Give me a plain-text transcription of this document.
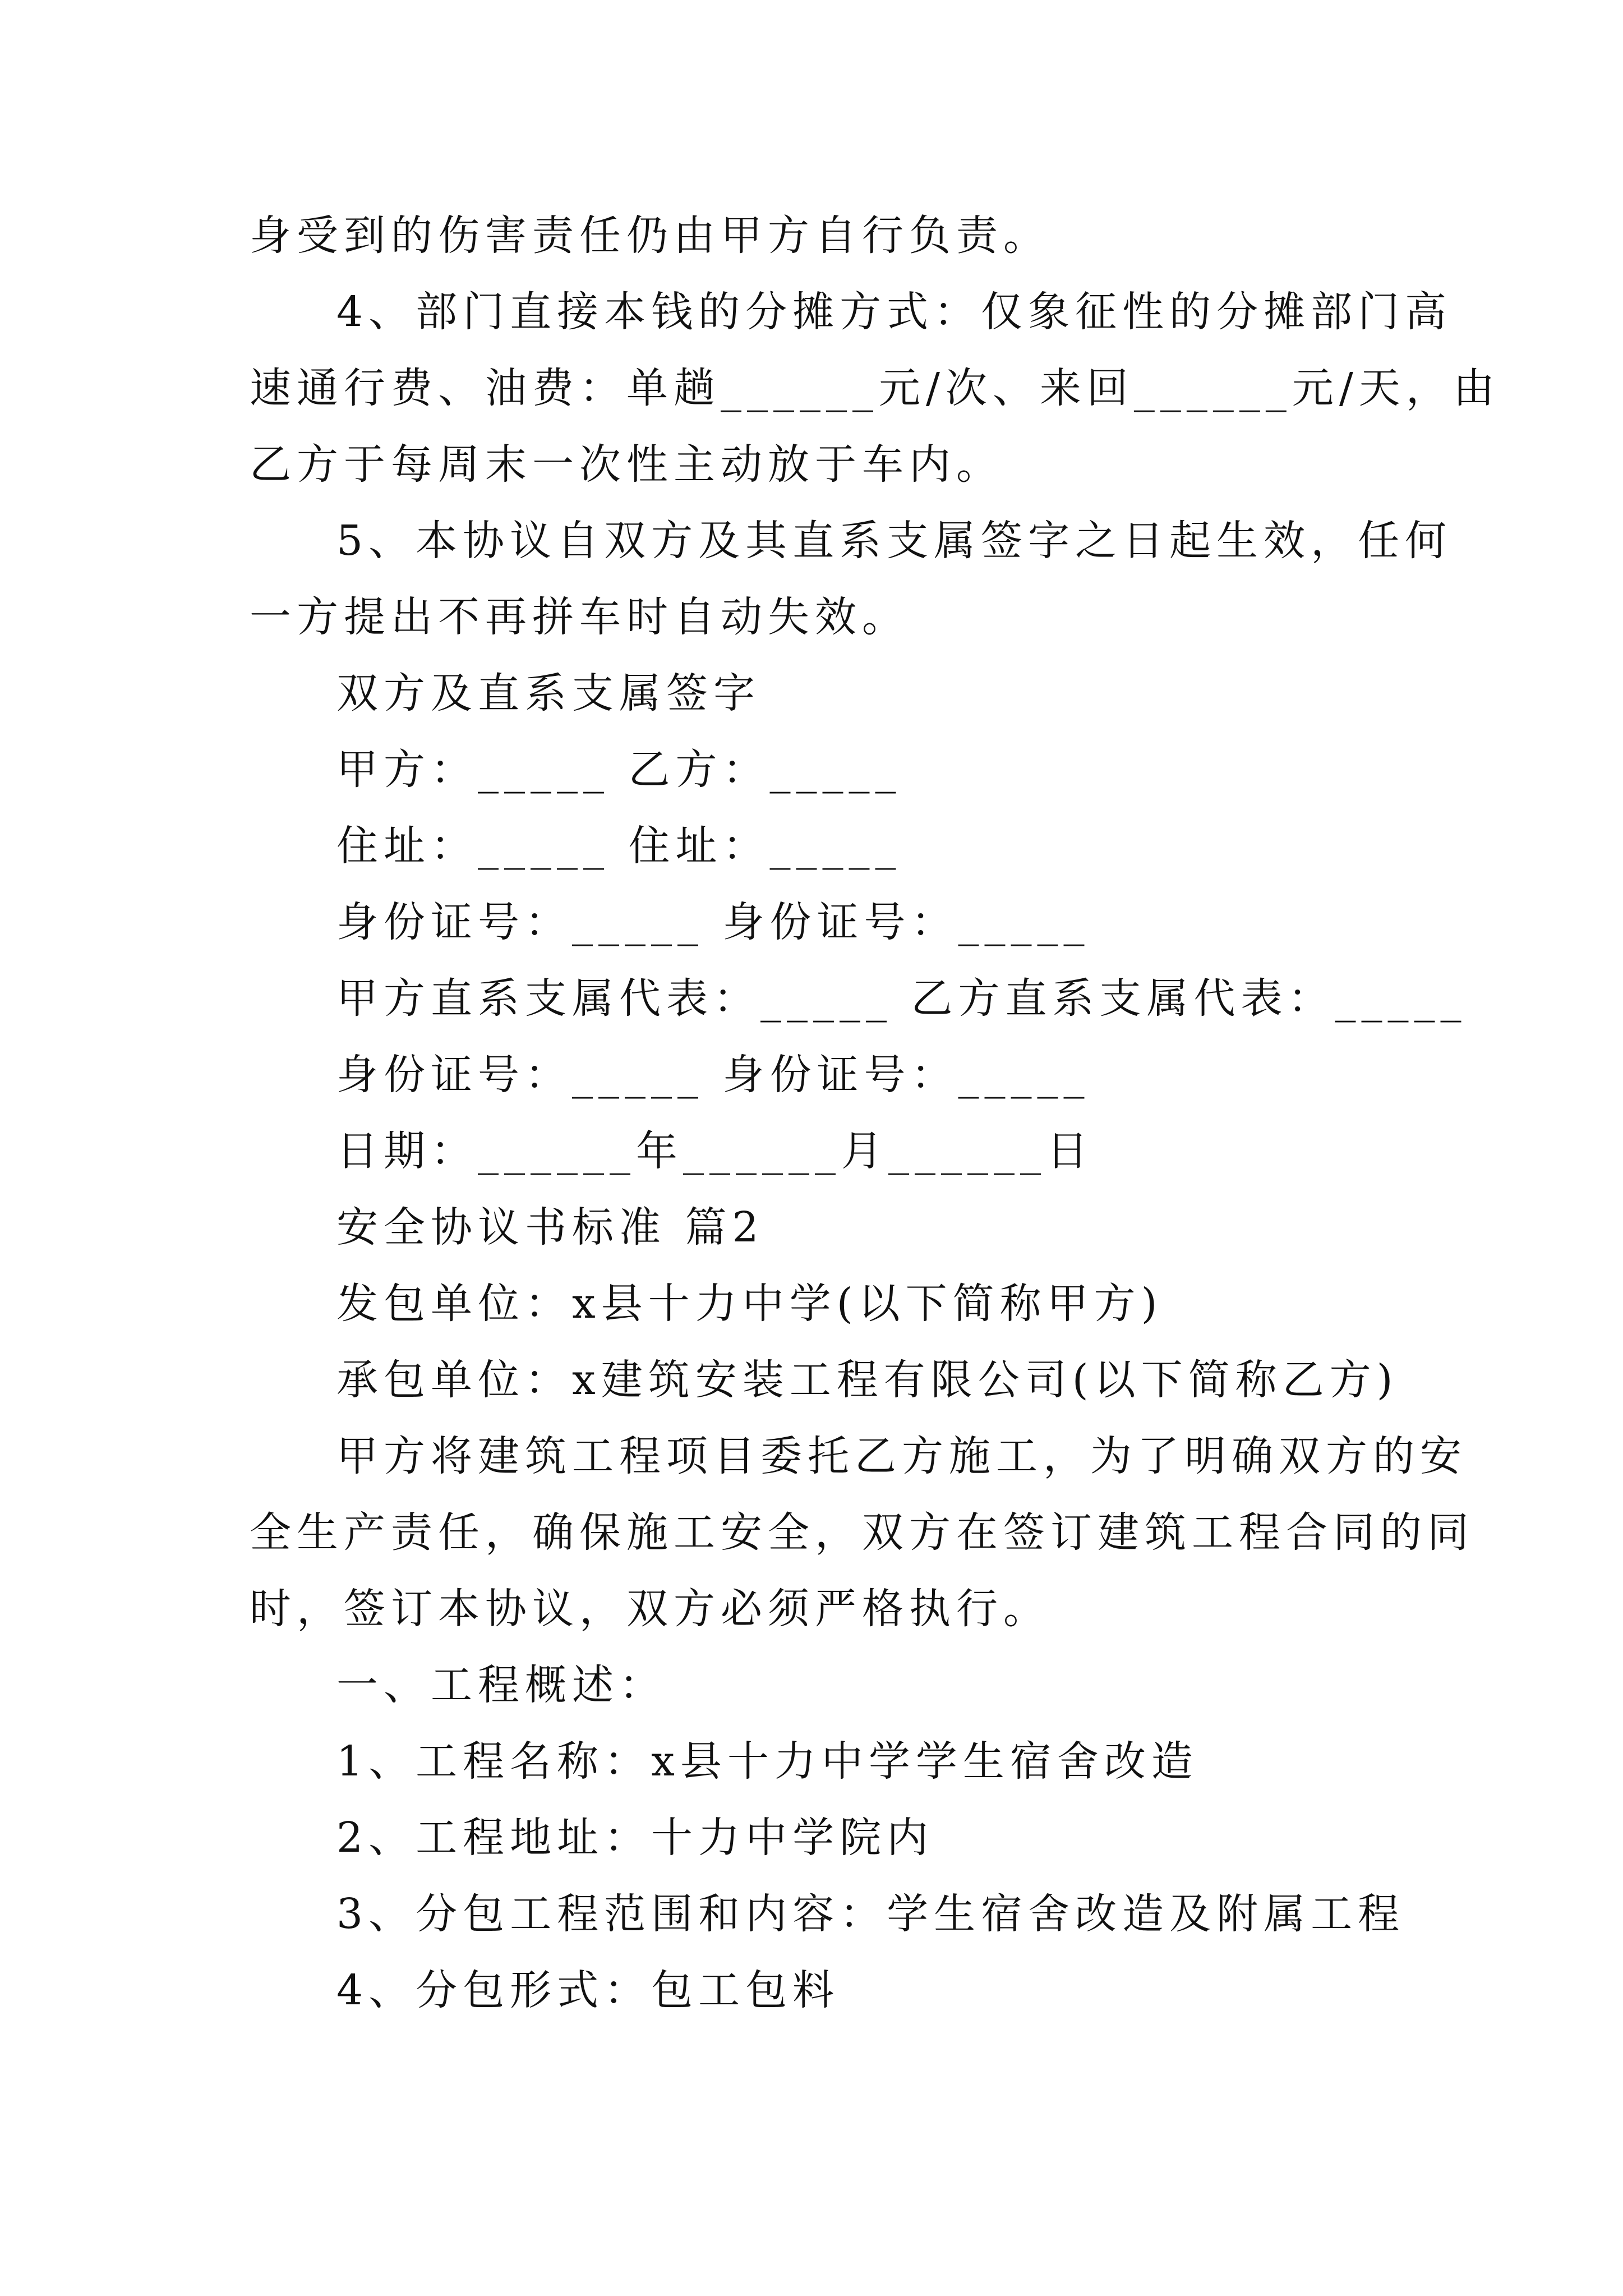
身受到的伤害责任仍由甲方自行负责。
4、部门直接本钱的分摊方式：仅象征性的分摊部门高
速通行费、油费：单趟______元/次、来回______元/天，由
乙方于每周末一次性主动放于车内。
5、本协议自双方及其直系支属签字之日起生效，任何
一方提出不再拼车时自动失效。
双方及直系支属签字
甲方：_____ 乙方：_____
住址：_____ 住址：_____
身份证号：_____ 身份证号：_____
甲方直系支属代表：_____ 乙方直系支属代表：_____
身份证号：_____ 身份证号：_____
日期：______年______月______日
安全协议书标准 篇2
发包单位：x县十力中学(以下简称甲方)
承包单位：x建筑安装工程有限公司(以下简称乙方)
甲方将建筑工程项目委托乙方施工，为了明确双方的安
全生产责任，确保施工安全，双方在签订建筑工程合同的同
时，签订本协议，双方必须严格执行。
一、工程概述：
1、工程名称：x县十力中学学生宿舍改造
2、工程地址：十力中学院内
3、分包工程范围和内容：学生宿舍改造及附属工程
4、分包形式：包工包料
